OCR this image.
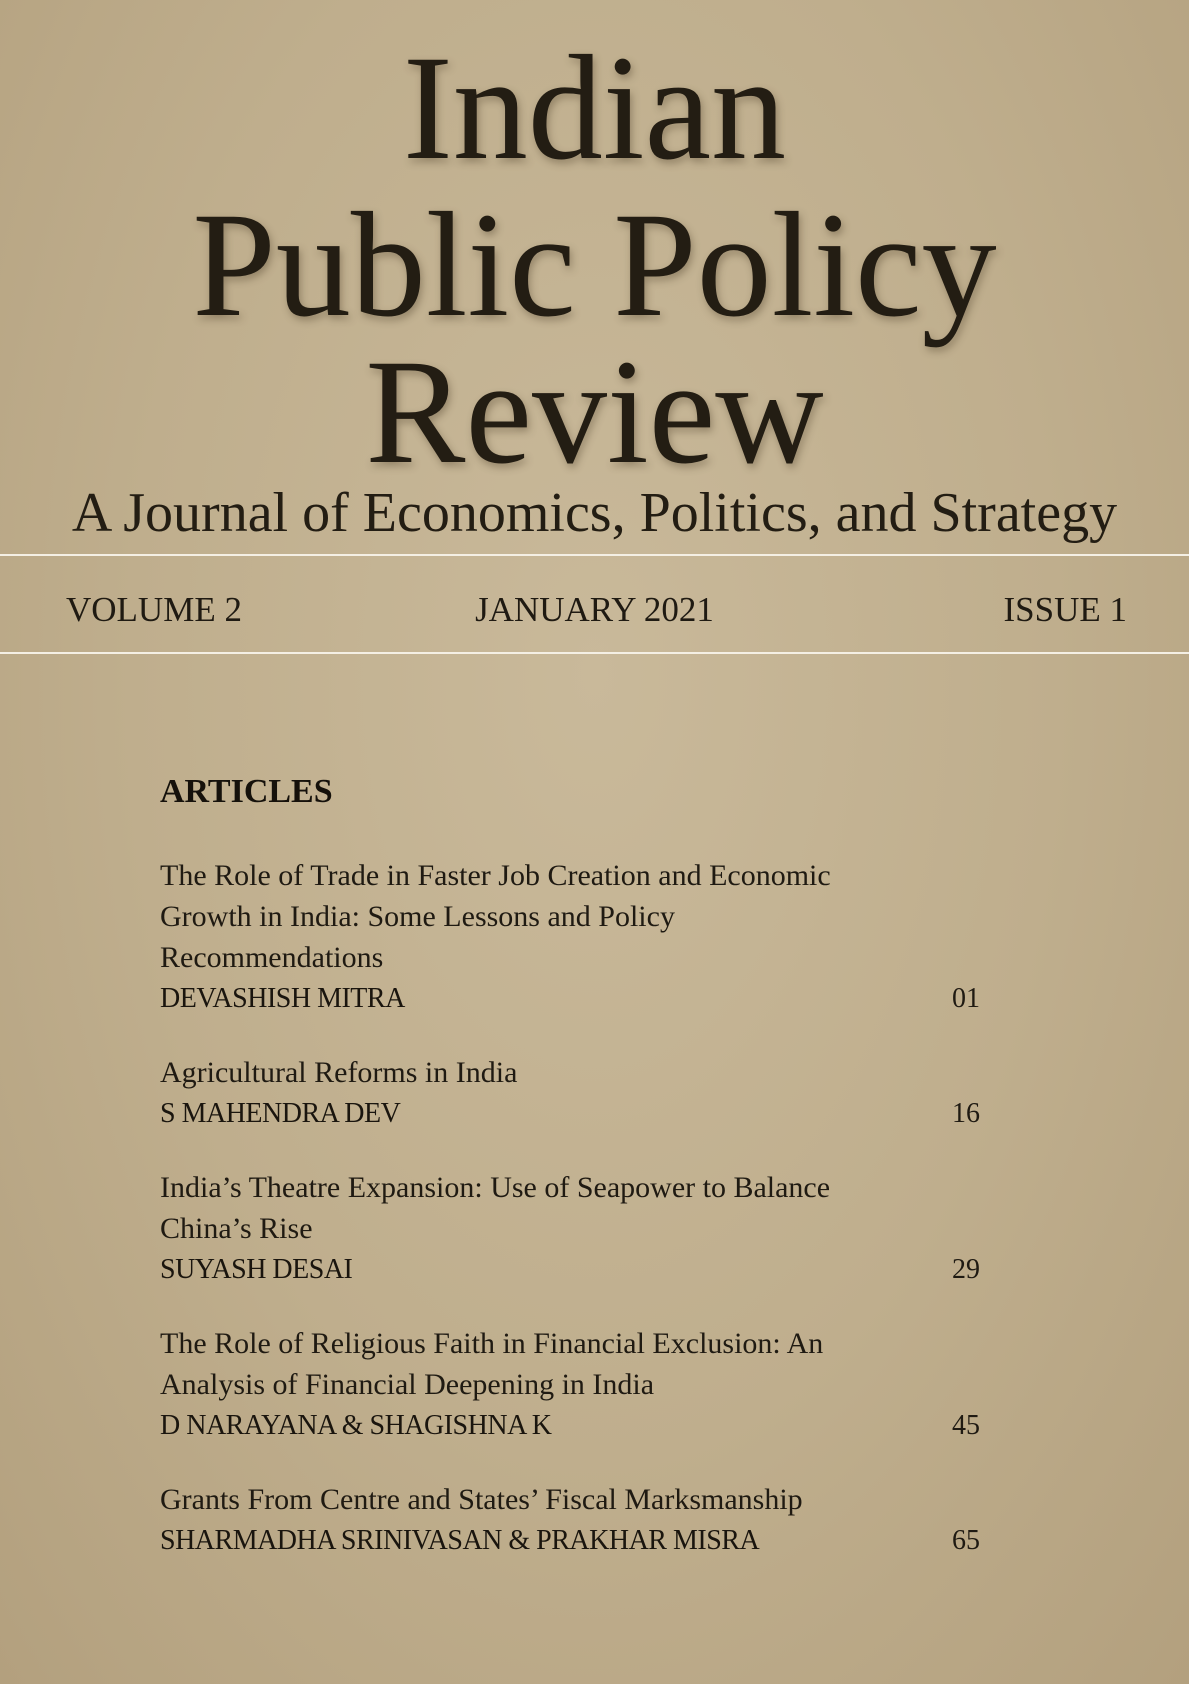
Indian
Public Policy
Review
A Journal of Economics, Politics, and Strategy
VOLUME 2	JANUARY 2021	ISSUE 1
ARTICLES
The Role of Trade in Faster Job Creation and Economic Growth in India: Some Lessons and Policy Recommendations
DEVASHISH MITRA	01
Agricultural Reforms in India
S MAHENDRA DEV	16
India’s Theatre Expansion: Use of Seapower to Balance China’s Rise
SUYASH DESAI	29
The Role of Religious Faith in Financial Exclusion: An Analysis of Financial Deepening in India
D NARAYANA & SHAGISHNA K	45
Grants From Centre and States’ Fiscal Marksmanship
SHARMADHA SRINIVASAN & PRAKHAR MISRA	65
